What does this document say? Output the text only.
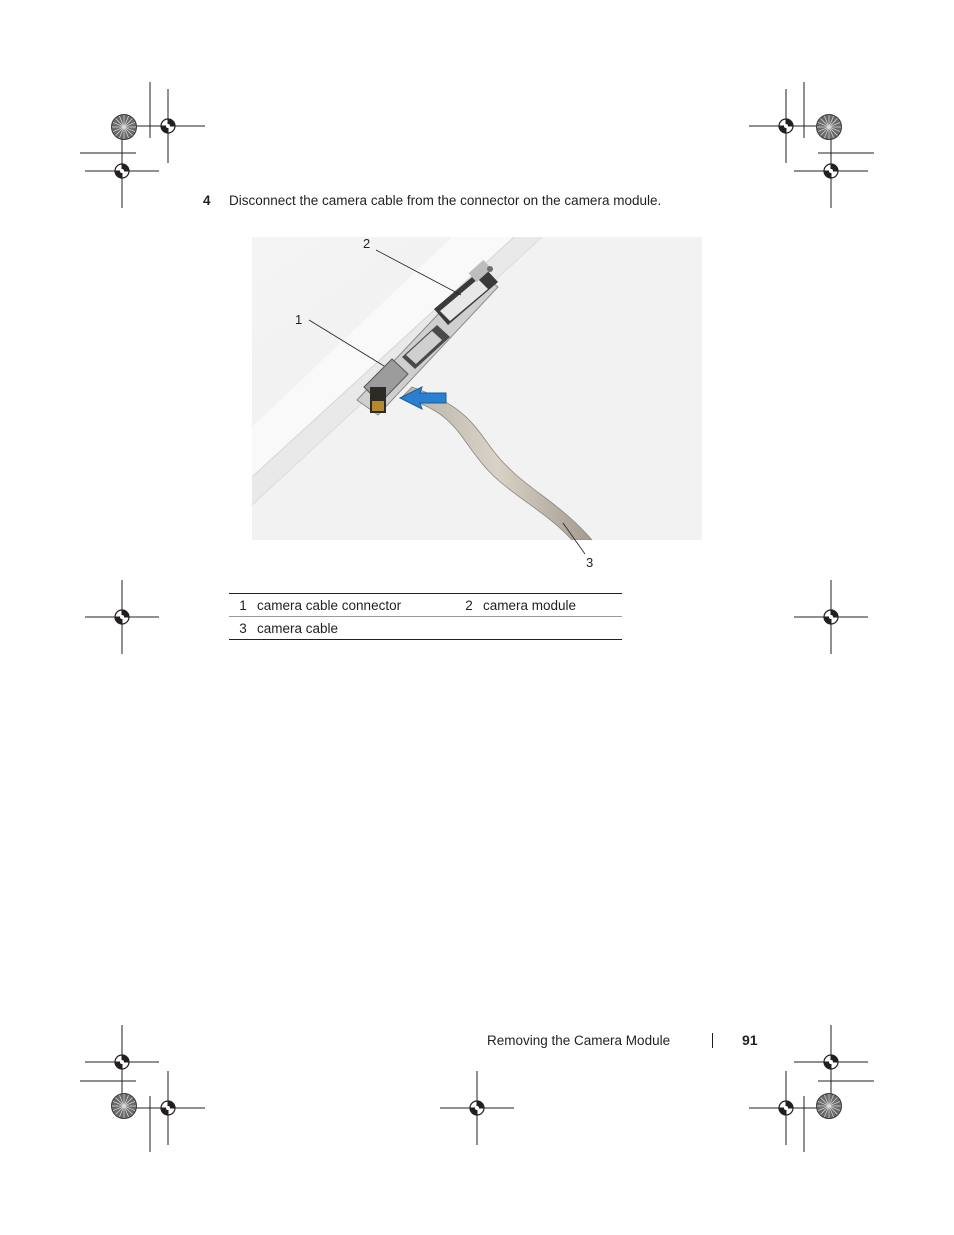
4 Disconnect the camera cable from the connector on the camera module.
2
1
3
1	camera cable connector	2	camera module
3	camera cable		
Removing the Camera Module	91
